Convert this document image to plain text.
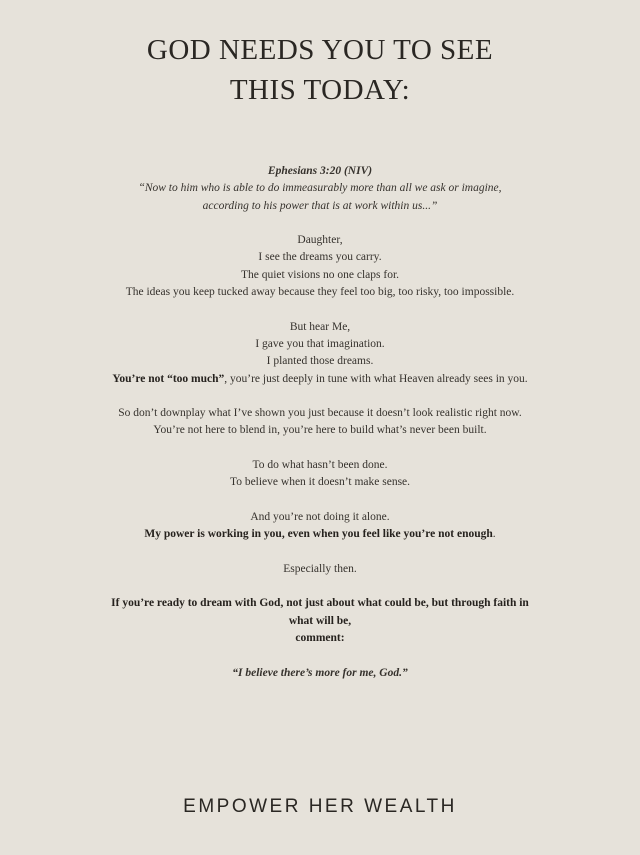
GOD NEEDS YOU TO SEE
THIS TODAY:

Ephesians 3:20 (NIV)

“Now to him who is able to do immeasurably more than all we ask or imagine,
according to his power that is at work within us...”

Daughter,
I see the dreams you carry.
The quiet visions no one claps for.

The ideas you keep tucked away because they feel too big, too risky, too impossible.

But hear Me,
I gave you that imagination.
I planted those dreams.
You’re not “too much”, you’re just deeply in tune with what Heaven already sees in you.

So don’t downplay what I’ve shown you just because it doesn’t look realistic right now.
You’re not here to blend in, you’re here to build what’s never been built.

To do what hasn’t been done.
To believe when it doesn’t make sense.

And you’re not doing it alone.
My power is working in you, even when you feel like you’re not enough.

Especially then.

If you’re ready to dream with God, not just about what could be, but through faith in what will be,
comment:

“I believe there’s more for me, God.”

EMPOWER HER WEALTH
